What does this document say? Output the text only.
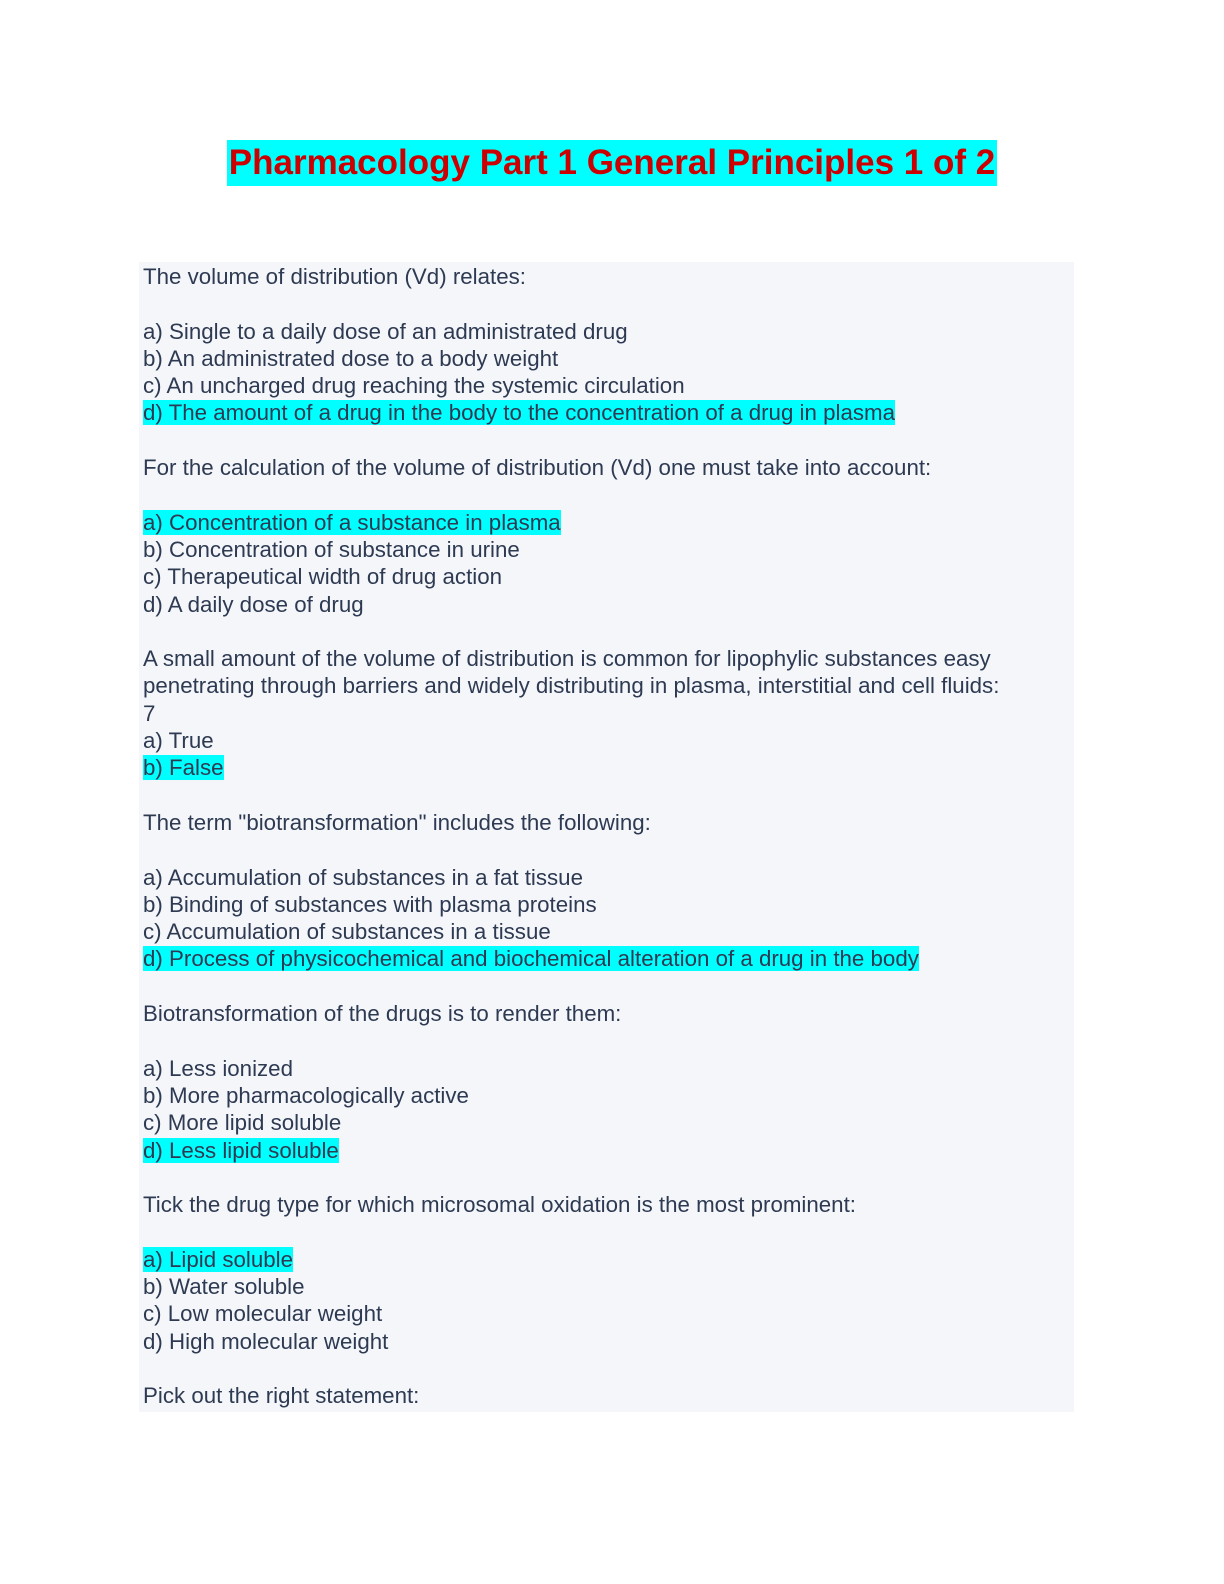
Pharmacology Part 1 General Principles 1 of 2
The volume of distribution (Vd) relates:
a) Single to a daily dose of an administrated drug
b) An administrated dose to a body weight
c) An uncharged drug reaching the systemic circulation
d) The amount of a drug in the body to the concentration of a drug in plasma
For the calculation of the volume of distribution (Vd) one must take into account:
a) Concentration of a substance in plasma
b) Concentration of substance in urine
c) Therapeutical width of drug action
d) A daily dose of drug
A small amount of the volume of distribution is common for lipophylic substances easy penetrating through barriers and widely distributing in plasma, interstitial and cell fluids:
7
a) True
b) False
The term "biotransformation" includes the following:
a) Accumulation of substances in a fat tissue
b) Binding of substances with plasma proteins
c) Accumulation of substances in a tissue
d) Process of physicochemical and biochemical alteration of a drug in the body
Biotransformation of the drugs is to render them:
a) Less ionized
b) More pharmacologically active
c) More lipid soluble
d) Less lipid soluble
Tick the drug type for which microsomal oxidation is the most prominent:
a) Lipid soluble
b) Water soluble
c) Low molecular weight
d) High molecular weight
Pick out the right statement:
